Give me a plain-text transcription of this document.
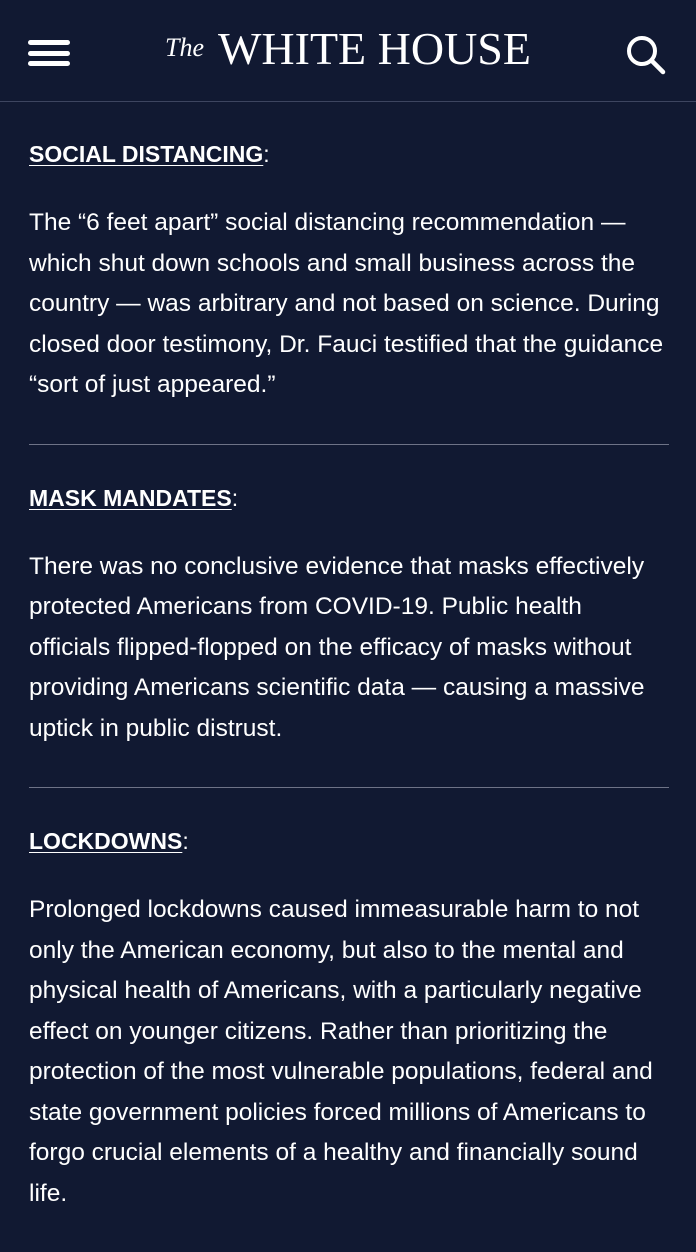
The WHITE HOUSE
SOCIAL DISTANCING:

The “6 feet apart” social distancing recommendation — which shut down schools and small business across the country — was arbitrary and not based on science. During closed door testimony, Dr. Fauci testified that the guidance “sort of just appeared.”

MASK MANDATES:

There was no conclusive evidence that masks effectively protected Americans from COVID-19. Public health officials flipped-flopped on the efficacy of masks without providing Americans scientific data — causing a massive uptick in public distrust.

LOCKDOWNS:

Prolonged lockdowns caused immeasurable harm to not only the American economy, but also to the mental and physical health of Americans, with a particularly negative effect on younger citizens. Rather than prioritizing the protection of the most vulnerable populations, federal and state government policies forced millions of Americans to forgo crucial elements of a healthy and financially sound life.
